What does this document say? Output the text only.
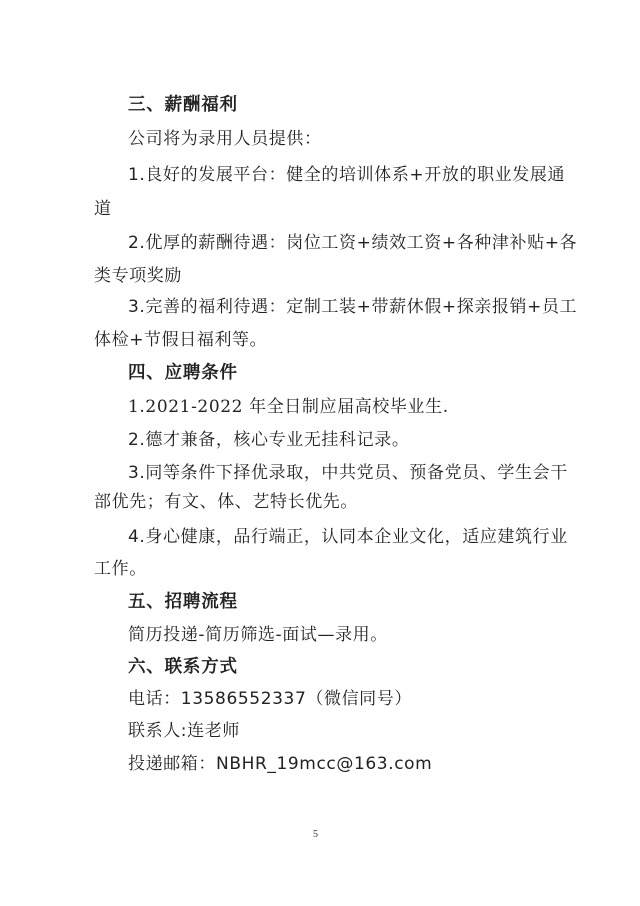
三、薪酬福利
公司将为录用人员提供：
1.良好的发展平台：健全的培训体系+开放的职业发展通
道
2.优厚的薪酬待遇：岗位工资+绩效工资+各种津补贴+各
类专项奖励
3.完善的福利待遇：定制工装+带薪休假+探亲报销+员工
体检+节假日福利等。
四、应聘条件
1.2021-2022 年全日制应届高校毕业生.
2.德才兼备，核心专业无挂科记录。
3.同等条件下择优录取，中共党员、预备党员、学生会干
部优先；有文、体、艺特长优先。
4.身心健康，品行端正，认同本企业文化，适应建筑行业
工作。
五、招聘流程
简历投递-简历筛选-面试—录用。
六、联系方式
电话：13586552337（微信同号）
联系人:连老师
投递邮箱：NBHR_19mcc@163.com
5
